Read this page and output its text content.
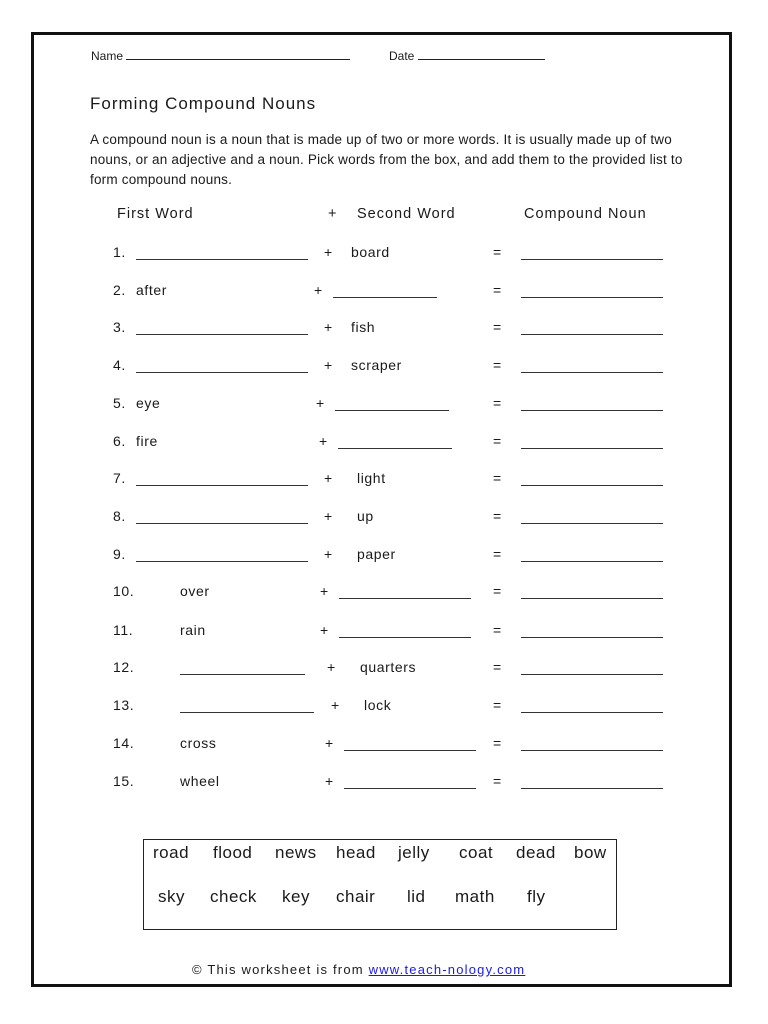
Name	Date
Forming Compound Nouns
A compound noun is a noun that is made up of two or more words. It is usually made up of two nouns, or an adjective and a noun. Pick words from the box, and add them to the provided list to form compound nouns.
First Word	+ Second Word	Compound Noun
1.	+ board	=
2. after	+	=
3.	+ fish	=
4.	+ scraper	=
5. eye	+	=
6. fire	+	=
7.	+ light	=
8.	+ up	=
9.	+ paper	=
10.	over	+	=
11.	rain	+	=
12.	+ quarters	=
13.	+ lock	=
14.	cross	+	=
15.	wheel	+	=
road flood news head jelly coat dead bow
sky check key chair lid math fly
© This worksheet is from www.teach-nology.com
